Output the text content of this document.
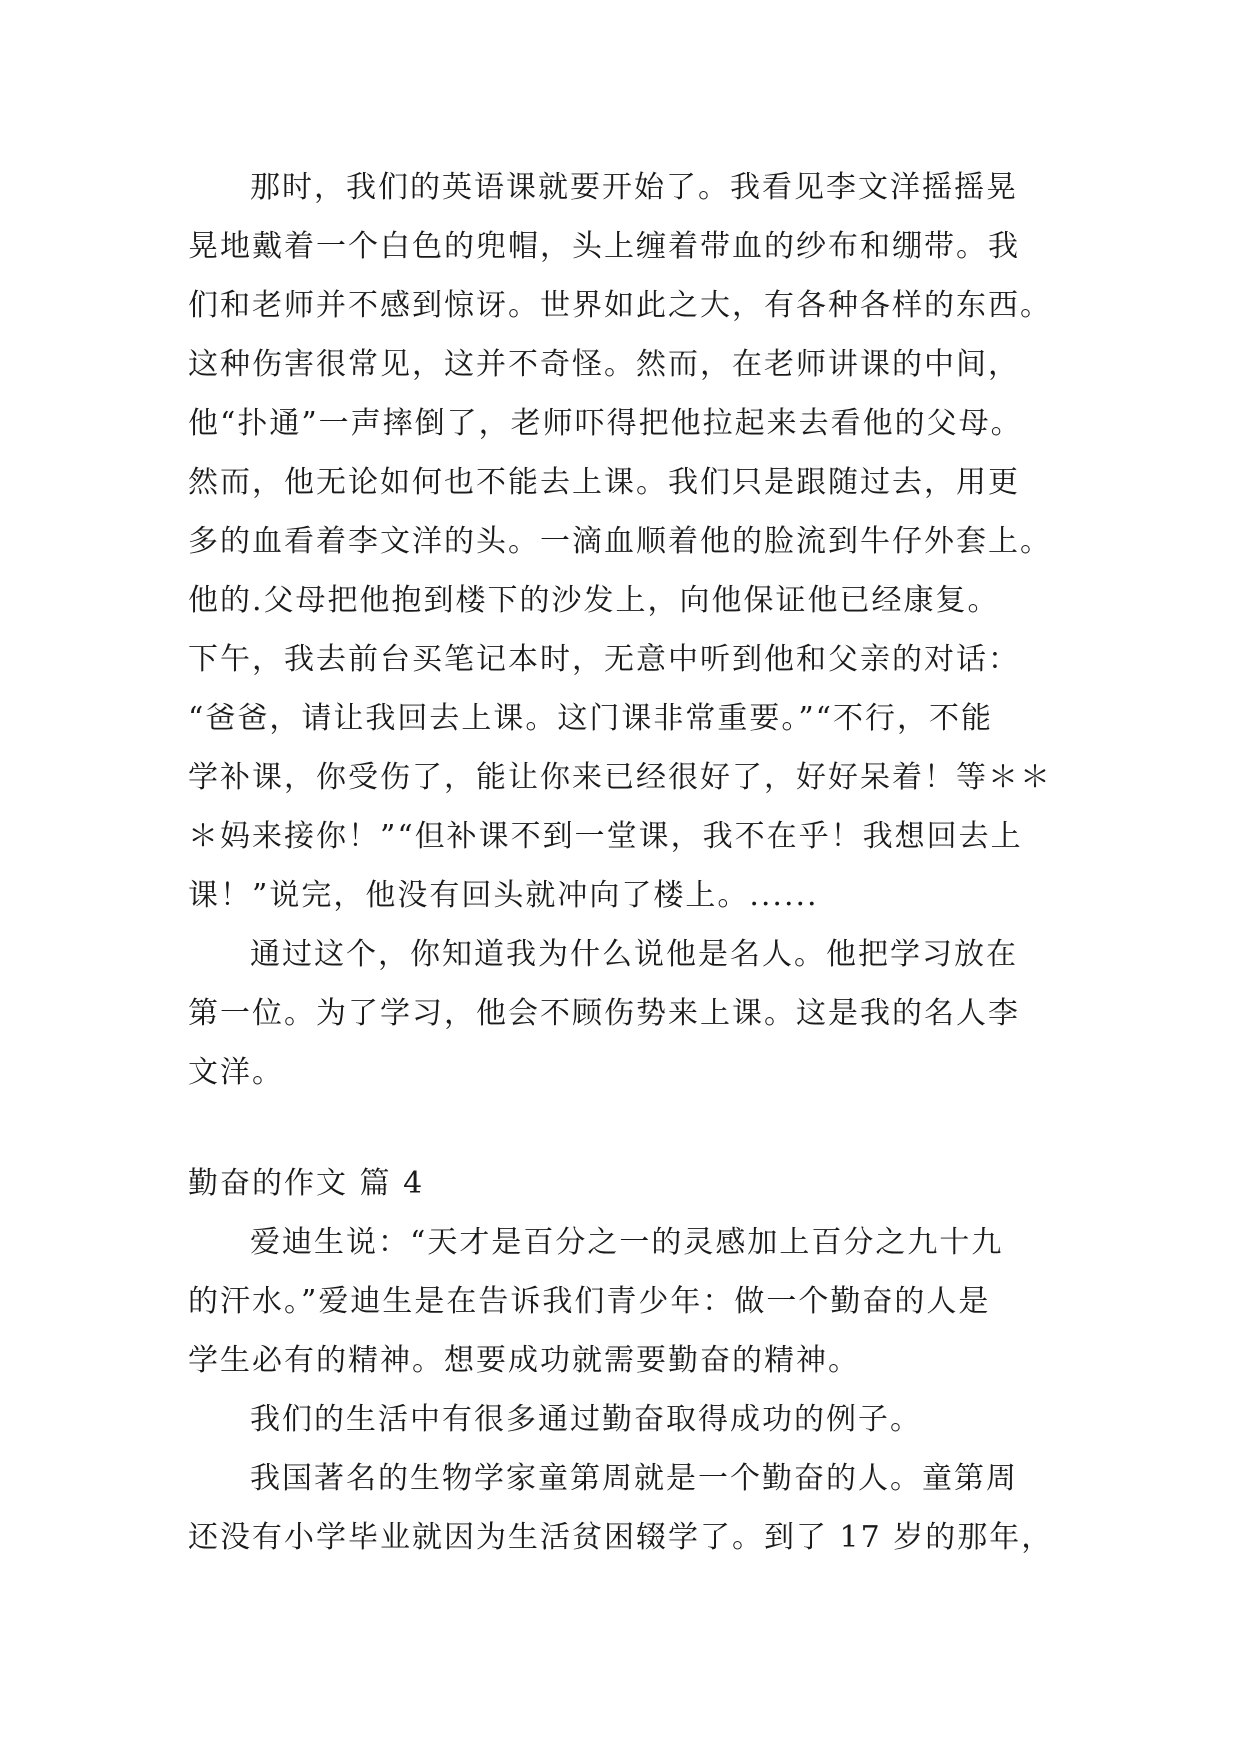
那时，我们的英语课就要开始了。我看见李文洋摇摇晃
晃地戴着一个白色的兜帽，头上缠着带血的纱布和绷带。我
们和老师并不感到惊讶。世界如此之大，有各种各样的东西。
这种伤害很常见，这并不奇怪。然而，在老师讲课的中间，
他“扑通”一声摔倒了，老师吓得把他拉起来去看他的父母。
然而，他无论如何也不能去上课。我们只是跟随过去，用更
多的血看着李文洋的头。一滴血顺着他的脸流到牛仔外套上。
他的.父母把他抱到楼下的沙发上，向他保证他已经康复。
下午，我去前台买笔记本时，无意中听到他和父亲的对话：
“爸爸，请让我回去上课。这门课非常重要。”“不行，不能
学补课，你受伤了，能让你来已经很好了，好好呆着！等＊＊
＊妈来接你！”“但补课不到一堂课，我不在乎！我想回去上
课！”说完，他没有回头就冲向了楼上。......
通过这个，你知道我为什么说他是名人。他把学习放在
第一位。为了学习，他会不顾伤势来上课。这是我的名人李
文洋。
勤奋的作文 篇 4
爱迪生说：“天才是百分之一的灵感加上百分之九十九
的汗水。”爱迪生是在告诉我们青少年：做一个勤奋的人是
学生必有的精神。想要成功就需要勤奋的精神。
我们的生活中有很多通过勤奋取得成功的例子。
我国著名的生物学家童第周就是一个勤奋的人。童第周
还没有小学毕业就因为生活贫困辍学了。到了 17 岁的那年，
